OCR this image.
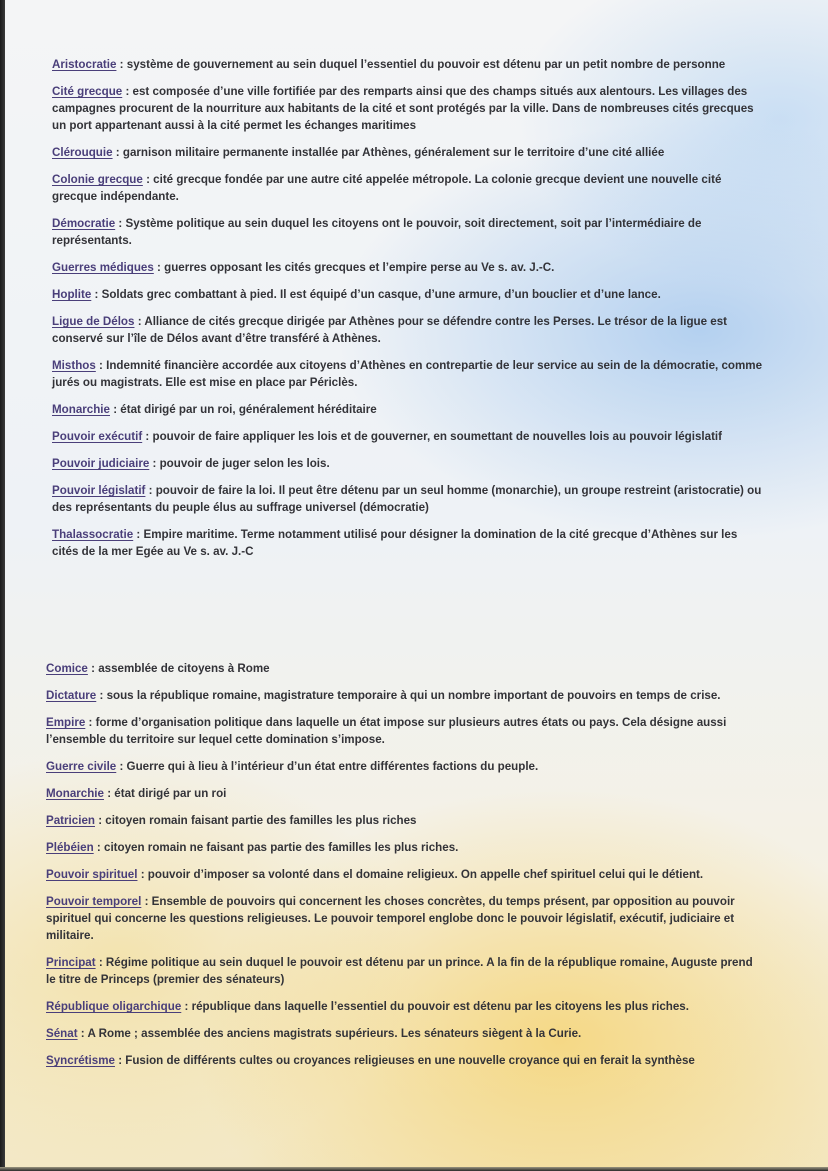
Aristocratie : système de gouvernement au sein duquel l’essentiel du pouvoir est détenu par un petit nombre de personne

Cité grecque : est composée d’une ville fortifiée par des remparts ainsi que des champs situés aux alentours. Les villages des campagnes procurent de la nourriture aux habitants de la cité et sont protégés par la ville. Dans de nombreuses cités grecques un port appartenant aussi à la cité permet les échanges maritimes

Clérouquie : garnison militaire permanente installée par Athènes, généralement sur le territoire d’une cité alliée

Colonie grecque : cité grecque fondée par une autre cité appelée métropole. La colonie grecque devient une nouvelle cité grecque indépendante.

Démocratie : Système politique au sein duquel les citoyens ont le pouvoir, soit directement, soit par l’intermédiaire de représentants.

Guerres médiques : guerres opposant les cités grecques et l’empire perse au Ve s. av. J.-C.

Hoplite : Soldats grec combattant à pied. Il est équipé d’un casque, d’une armure, d’un bouclier et d’une lance.

Ligue de Délos : Alliance de cités grecque dirigée par Athènes pour se défendre contre les Perses. Le trésor de la ligue est conservé sur l’île de Délos avant d’être transféré à Athènes.

Misthos : Indemnité financière accordée aux citoyens d’Athènes en contrepartie de leur service au sein de la démocratie, comme jurés ou magistrats. Elle est mise en place par Périclès.

Monarchie : état dirigé par un roi, généralement héréditaire

Pouvoir exécutif : pouvoir de faire appliquer les lois et de gouverner, en soumettant de nouvelles lois au pouvoir législatif

Pouvoir judiciaire : pouvoir de juger selon les lois.

Pouvoir législatif : pouvoir de faire la loi. Il peut être détenu par un seul homme (monarchie), un groupe restreint (aristocratie) ou des représentants du peuple élus au suffrage universel (démocratie)

Thalassocratie : Empire maritime. Terme notamment utilisé pour désigner la domination de la cité grecque d’Athènes sur les cités de la mer Egée au Ve s. av. J.-C

Comice : assemblée de citoyens à Rome

Dictature : sous la république romaine, magistrature temporaire à qui un nombre important de pouvoirs en temps de crise.

Empire : forme d’organisation politique dans laquelle un état impose sur plusieurs autres états ou pays. Cela désigne aussi l’ensemble du territoire sur lequel cette domination s’impose.

Guerre civile : Guerre qui à lieu à l’intérieur d’un état entre différentes factions du peuple.

Monarchie : état dirigé par un roi

Patricien : citoyen romain faisant partie des familles les plus riches

Plébéien : citoyen romain ne faisant pas partie des familles les plus riches.

Pouvoir spirituel : pouvoir d’imposer sa volonté dans el domaine religieux. On appelle chef spirituel celui qui le détient.

Pouvoir temporel : Ensemble de pouvoirs qui concernent les choses concrètes, du temps présent, par opposition au pouvoir spirituel qui concerne les questions religieuses. Le pouvoir temporel englobe donc le pouvoir législatif, exécutif, judiciaire et militaire.

Principat : Régime politique au sein duquel le pouvoir est détenu par un prince. A la fin de la république romaine, Auguste prend le titre de Princeps (premier des sénateurs)

République oligarchique : république dans laquelle l’essentiel du pouvoir est détenu par les citoyens les plus riches.

Sénat : A Rome ; assemblée des anciens magistrats supérieurs. Les sénateurs siègent à la Curie.

Syncrétisme : Fusion de différents cultes ou croyances religieuses en une nouvelle croyance qui en ferait la synthèse
